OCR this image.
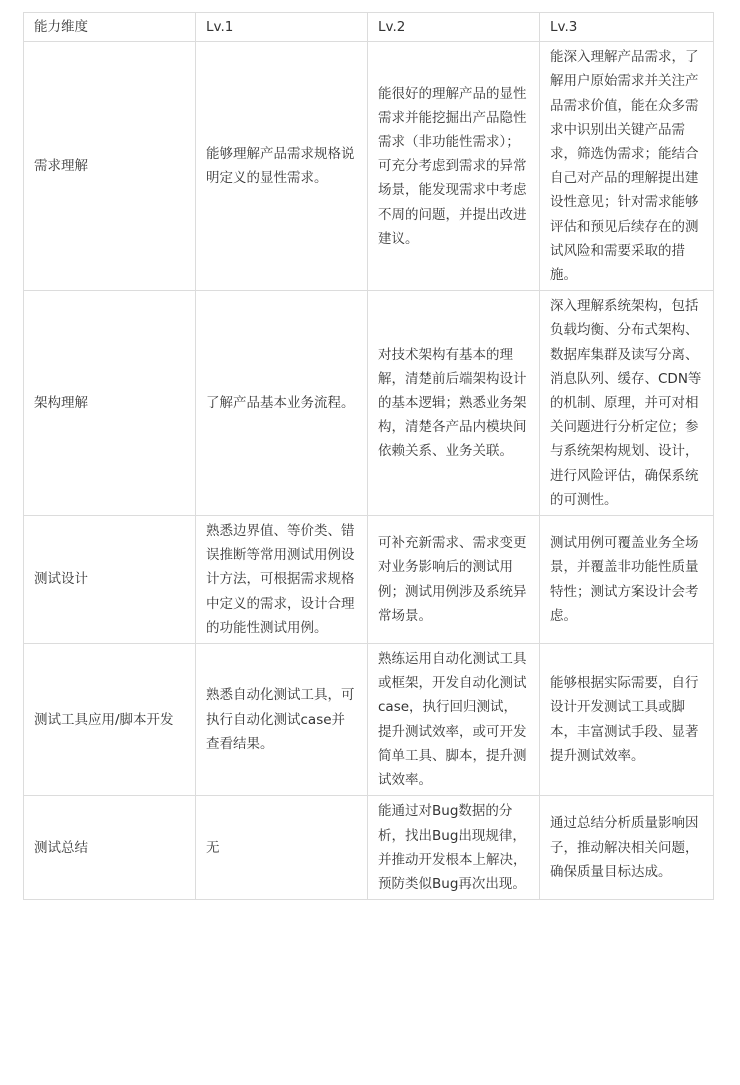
能力维度	Lv.1	Lv.2	Lv.3
需求理解	能够理解产品需求规格说明定义的显性需求。	能很好的理解产品的显性需求并能挖掘出产品隐性需求（非功能性需求）；可充分考虑到需求的异常场景，能发现需求中考虑不周的问题，并提出改进建议。	能深入理解产品需求，了解用户原始需求并关注产品需求价值，能在众多需求中识别出关键产品需求，筛选伪需求；能结合自己对产品的理解提出建设性意见；针对需求能够评估和预见后续存在的测试风险和需要采取的措施。
架构理解	了解产品基本业务流程。	对技术架构有基本的理解，清楚前后端架构设计的基本逻辑；熟悉业务架构，清楚各产品内模块间依赖关系、业务关联。	深入理解系统架构，包括负载均衡、分布式架构、数据库集群及读写分离、消息队列、缓存、CDN等的机制、原理，并可对相关问题进行分析定位；参与系统架构规划、设计，进行风险评估，确保系统的可测性。
测试设计	熟悉边界值、等价类、错误推断等常用测试用例设计方法，可根据需求规格中定义的需求，设计合理的功能性测试用例。	可补充新需求、需求变更对业务影响后的测试用例；测试用例涉及系统异常场景。	测试用例可覆盖业务全场景，并覆盖非功能性质量特性；测试方案设计会考虑。
测试工具应用/脚本开发	熟悉自动化测试工具，可执行自动化测试case并查看结果。	熟练运用自动化测试工具或框架，开发自动化测试case，执行回归测试，提升测试效率，或可开发简单工具、脚本，提升测试效率。	能够根据实际需要，自行设计开发测试工具或脚本，丰富测试手段、显著提升测试效率。
测试总结	无	能通过对Bug数据的分析，找出Bug出现规律，并推动开发根本上解决，预防类似Bug再次出现。	通过总结分析质量影响因子，推动解决相关问题，确保质量目标达成。
